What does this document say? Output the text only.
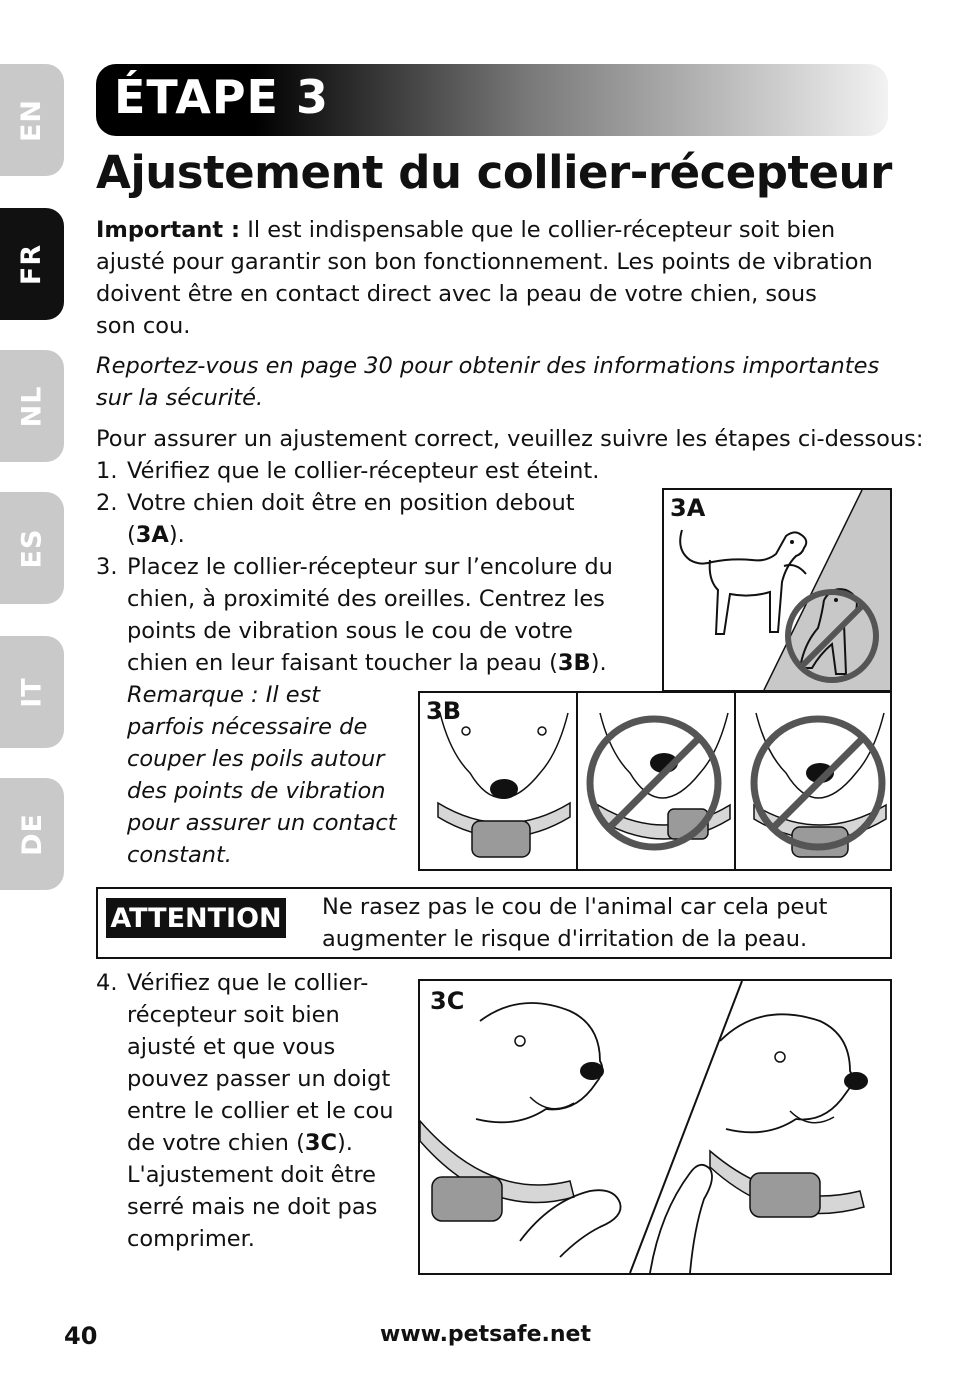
EN
FR
NL
ES
IT
DE
ÉTAPE 3
Ajustement du collier-récepteur

Important : Il est indispensable que le collier-récepteur soit bien
ajusté pour garantir son bon fonctionnement. Les points de vibration
doivent être en contact direct avec la peau de votre chien, sous
son cou.

Reportez-vous en page 30 pour obtenir des informations importantes
sur la sécurité.

Pour assurer un ajustement correct, veuillez suivre les étapes ci-dessous:

1. Vérifiez que le collier-récepteur est éteint.
2. Votre chien doit être en position debout
(3A).
3. Placez le collier-récepteur sur l’encolure du
chien, à proximité des oreilles. Centrez les
points de vibration sous le cou de votre
chien en leur faisant toucher la peau (3B).

Remarque : Il est
parfois nécessaire de
couper les poils autour
des points de vibration
pour assurer un contact
constant.

3A
3B
ATTENTION Ne rasez pas le cou de l'animal car cela peut
augmenter le risque d'irritation de la peau.

4. Vérifiez que le collier-
récepteur soit bien
ajusté et que vous
pouvez passer un doigt
entre le collier et le cou
de votre chien (3C).
L'ajustement doit être
serré mais ne doit pas
comprimer.
3C
40	www.petsafe.net
